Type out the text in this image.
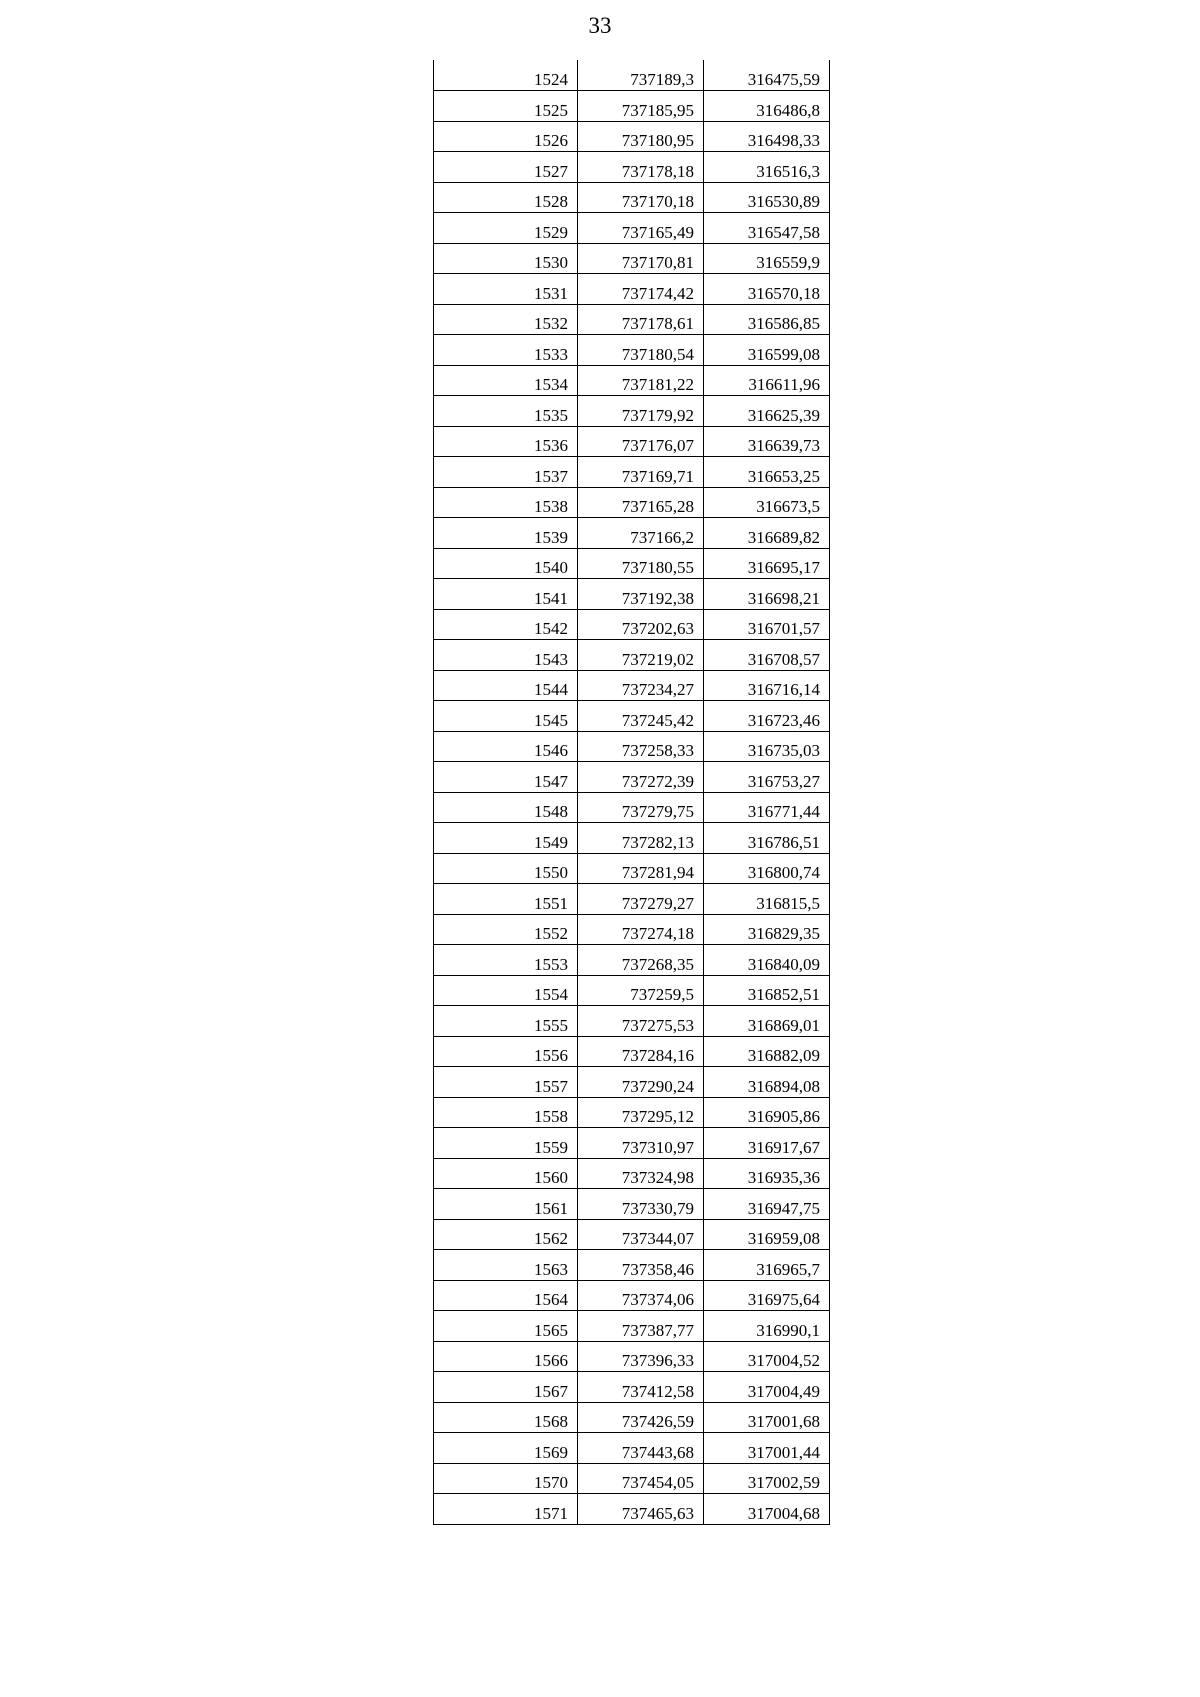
33
1524	737189,3	316475,59
1525	737185,95	316486,8
1526	737180,95	316498,33
1527	737178,18	316516,3
1528	737170,18	316530,89
1529	737165,49	316547,58
1530	737170,81	316559,9
1531	737174,42	316570,18
1532	737178,61	316586,85
1533	737180,54	316599,08
1534	737181,22	316611,96
1535	737179,92	316625,39
1536	737176,07	316639,73
1537	737169,71	316653,25
1538	737165,28	316673,5
1539	737166,2	316689,82
1540	737180,55	316695,17
1541	737192,38	316698,21
1542	737202,63	316701,57
1543	737219,02	316708,57
1544	737234,27	316716,14
1545	737245,42	316723,46
1546	737258,33	316735,03
1547	737272,39	316753,27
1548	737279,75	316771,44
1549	737282,13	316786,51
1550	737281,94	316800,74
1551	737279,27	316815,5
1552	737274,18	316829,35
1553	737268,35	316840,09
1554	737259,5	316852,51
1555	737275,53	316869,01
1556	737284,16	316882,09
1557	737290,24	316894,08
1558	737295,12	316905,86
1559	737310,97	316917,67
1560	737324,98	316935,36
1561	737330,79	316947,75
1562	737344,07	316959,08
1563	737358,46	316965,7
1564	737374,06	316975,64
1565	737387,77	316990,1
1566	737396,33	317004,52
1567	737412,58	317004,49
1568	737426,59	317001,68
1569	737443,68	317001,44
1570	737454,05	317002,59
1571	737465,63	317004,68
